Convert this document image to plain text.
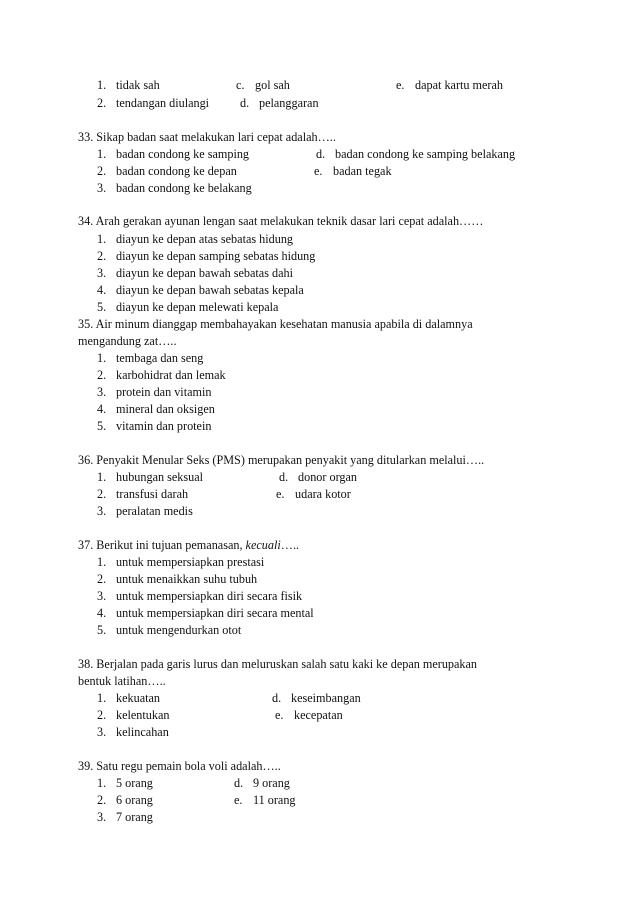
1. tidak sah	c. gol sah	e. dapat kartu merah
2. tendangan diulangi	d. pelanggaran
33. Sikap badan saat melakukan lari cepat adalah…..
1. badan condong ke samping	d. badan condong ke samping belakang
2. badan condong ke depan	e. badan tegak
3. badan condong ke belakang
34. Arah gerakan ayunan lengan saat melakukan teknik dasar lari cepat adalah……
1. diayun ke depan atas sebatas hidung
2. diayun ke depan samping sebatas hidung
3. diayun ke depan bawah sebatas dahi
4. diayun ke depan bawah sebatas kepala
5. diayun ke depan melewati kepala
35. Air minum dianggap membahayakan kesehatan manusia apabila di dalamnya
mengandung zat…..
1. tembaga dan seng
2. karbohidrat dan lemak
3. protein dan vitamin
4. mineral dan oksigen
5. vitamin dan protein
36. Penyakit Menular Seks (PMS) merupakan penyakit yang ditularkan melalui…..
1. hubungan seksual	d. donor organ
2. transfusi darah	e. udara kotor
3. peralatan medis
37. Berikut ini tujuan pemanasan, kecuali…..
1. untuk mempersiapkan prestasi
2. untuk menaikkan suhu tubuh
3. untuk mempersiapkan diri secara fisik
4. untuk mempersiapkan diri secara mental
5. untuk mengendurkan otot
38. Berjalan pada garis lurus dan meluruskan salah satu kaki ke depan merupakan
bentuk latihan…..
1. kekuatan	d. keseimbangan
2. kelentukan	e. kecepatan
3. kelincahan
39. Satu regu pemain bola voli adalah…..
1. 5 orang	d. 9 orang
2. 6 orang	e. 11 orang
3. 7 orang
